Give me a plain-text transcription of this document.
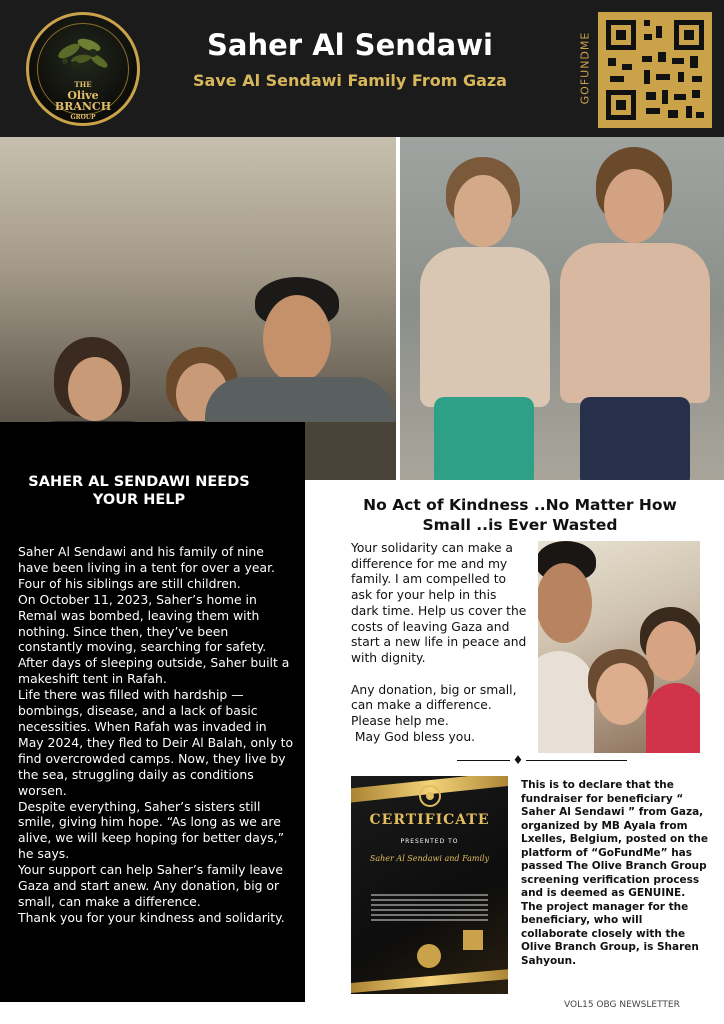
THE
Olive
BRANCH
GROUP
Saher Al Sendawi
Save Al Sendawi Family From Gaza	GOFUNDME
SAHER AL SENDAWI NEEDS YOUR HELP

Saher Al Sendawi and his family of nine have been living in a tent for over a year. Four of his siblings are still children.

On October 11, 2023, Saher’s home in Remal was bombed, leaving them with nothing. Since then, they’ve been constantly moving, searching for safety. After days of sleeping outside, Saher built a makeshift tent in Rafah.

Life there was filled with hardship — bombings, disease, and a lack of basic necessities. When Rafah was invaded in May 2024, they fled to Deir Al Balah, only to find overcrowded camps. Now, they live by the sea, struggling daily as conditions worsen.

Despite everything, Saher’s sisters still smile, giving him hope. “As long as we are alive, we will keep hoping for better days,” he says.

Your support can help Saher’s family leave Gaza and start anew. Any donation, big or small, can make a difference.

Thank you for your kindness and solidarity.

No Act of Kindness ..No Matter How Small ..is Ever Wasted

Your solidarity can make a difference for me and my family. I am compelled to ask for your help in this dark time. Help us cover the costs of leaving Gaza and start a new life in peace and with dignity.

Any donation, big or small, can make a difference.

Please help me.

May God bless you.

♦
CERTIFICATE
PRESENTED TO
Saher Al Sendawi and Family
This is to declare that the fundraiser for beneficiary “ Saher Al Sendawi ” from Gaza, organized by MB Ayala from Lxelles, Belgium, posted on the platform of “GoFundMe” has passed The Olive Branch Group screening verification process and is deemed as GENUINE. The project manager for the beneficiary, who will collaborate closely with the Olive Branch Group, is Sharen Sahyoun.
VOL15 OBG NEWSLETTER
